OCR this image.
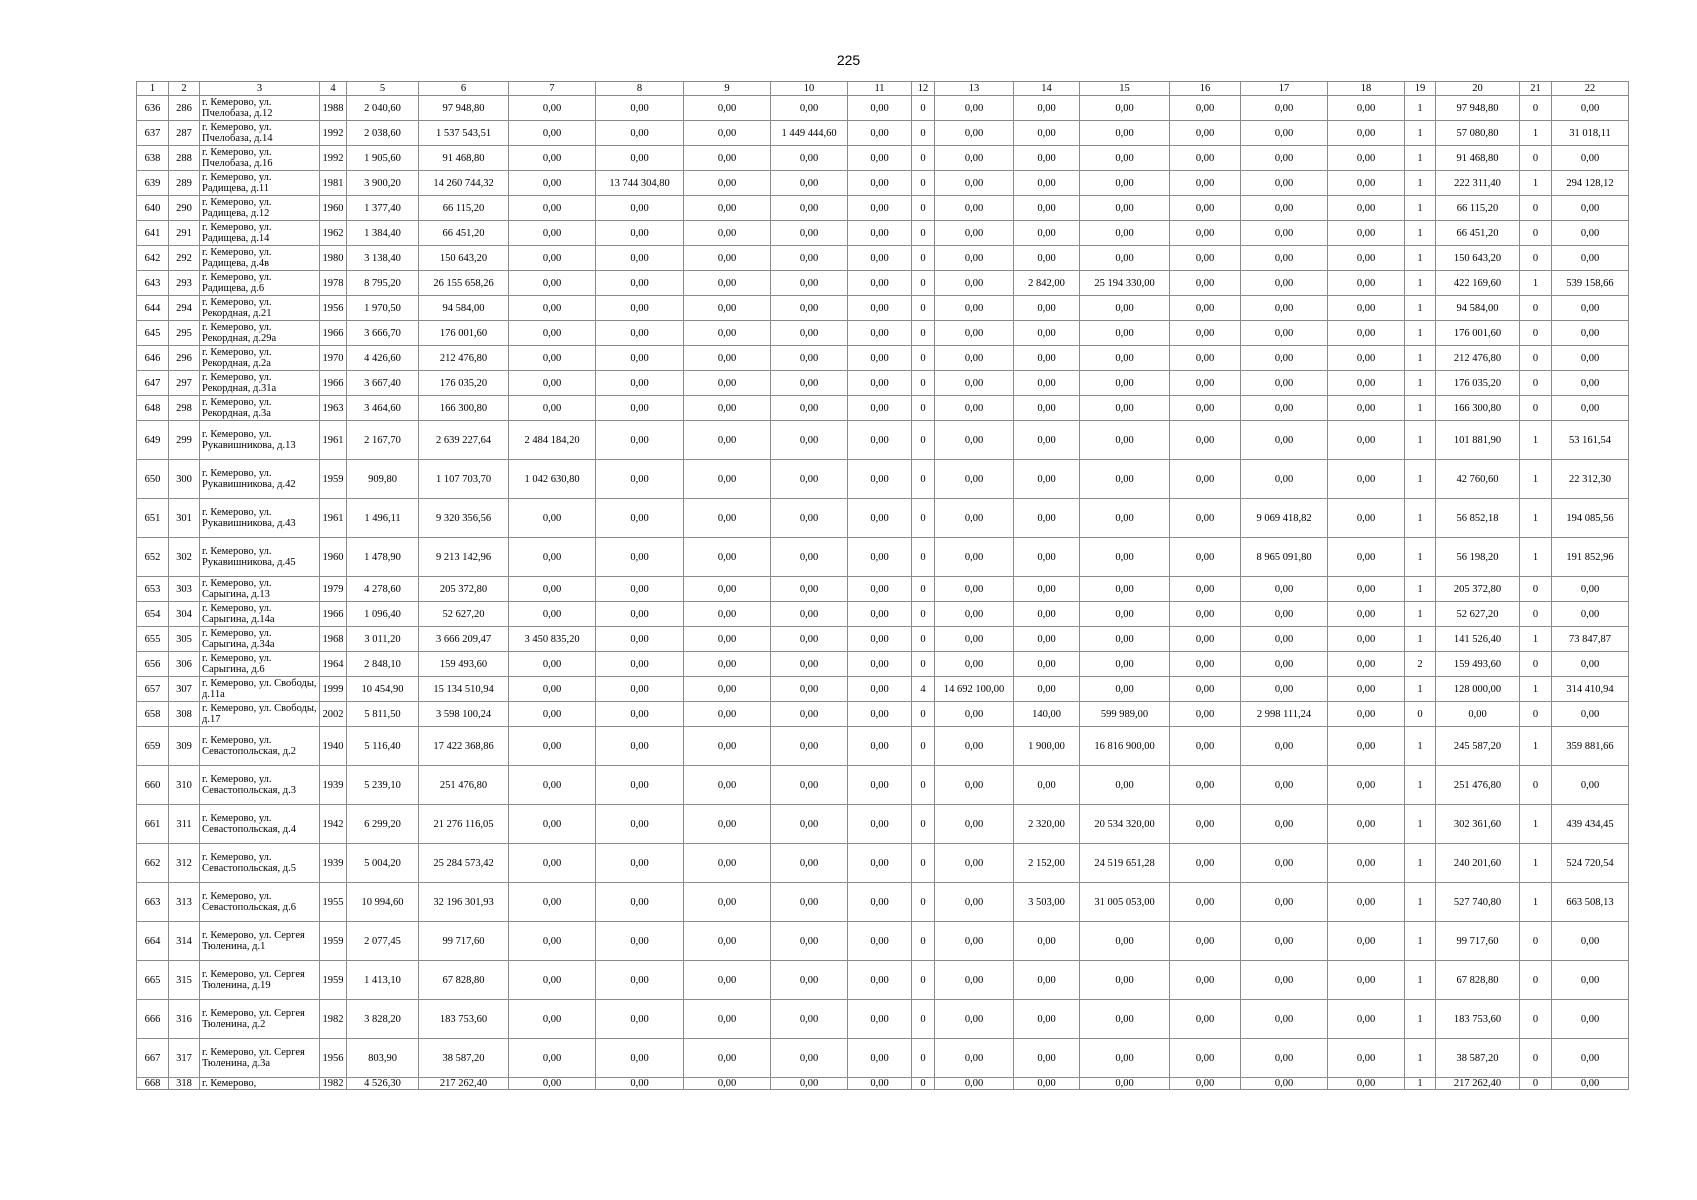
225
1	2	3	4	5	6	7	8	9	10	11	12	13	14	15	16	17	18	19	20	21	22
636	286	г. Кемерово, ул. Пчелобаза, д.12	1988	2 040,60	97 948,80	0,00	0,00	0,00	0,00	0,00	0	0,00	0,00	0,00	0,00	0,00	0,00	1	97 948,80	0	0,00
637	287	г. Кемерово, ул. Пчелобаза, д.14	1992	2 038,60	1 537 543,51	0,00	0,00	0,00	1 449 444,60	0,00	0	0,00	0,00	0,00	0,00	0,00	0,00	1	57 080,80	1	31 018,11
638	288	г. Кемерово, ул. Пчелобаза, д.16	1992	1 905,60	91 468,80	0,00	0,00	0,00	0,00	0,00	0	0,00	0,00	0,00	0,00	0,00	0,00	1	91 468,80	0	0,00
639	289	г. Кемерово, ул. Радищева, д.11	1981	3 900,20	14 260 744,32	0,00	13 744 304,80	0,00	0,00	0,00	0	0,00	0,00	0,00	0,00	0,00	0,00	1	222 311,40	1	294 128,12
640	290	г. Кемерово, ул. Радищева, д.12	1960	1 377,40	66 115,20	0,00	0,00	0,00	0,00	0,00	0	0,00	0,00	0,00	0,00	0,00	0,00	1	66 115,20	0	0,00
641	291	г. Кемерово, ул. Радищева, д.14	1962	1 384,40	66 451,20	0,00	0,00	0,00	0,00	0,00	0	0,00	0,00	0,00	0,00	0,00	0,00	1	66 451,20	0	0,00
642	292	г. Кемерово, ул. Радищева, д.4в	1980	3 138,40	150 643,20	0,00	0,00	0,00	0,00	0,00	0	0,00	0,00	0,00	0,00	0,00	0,00	1	150 643,20	0	0,00
643	293	г. Кемерово, ул. Радищева, д.6	1978	8 795,20	26 155 658,26	0,00	0,00	0,00	0,00	0,00	0	0,00	2 842,00	25 194 330,00	0,00	0,00	0,00	1	422 169,60	1	539 158,66
644	294	г. Кемерово, ул. Рекордная, д.21	1956	1 970,50	94 584,00	0,00	0,00	0,00	0,00	0,00	0	0,00	0,00	0,00	0,00	0,00	0,00	1	94 584,00	0	0,00
645	295	г. Кемерово, ул. Рекордная, д.29а	1966	3 666,70	176 001,60	0,00	0,00	0,00	0,00	0,00	0	0,00	0,00	0,00	0,00	0,00	0,00	1	176 001,60	0	0,00
646	296	г. Кемерово, ул. Рекордная, д.2а	1970	4 426,60	212 476,80	0,00	0,00	0,00	0,00	0,00	0	0,00	0,00	0,00	0,00	0,00	0,00	1	212 476,80	0	0,00
647	297	г. Кемерово, ул. Рекордная, д.31а	1966	3 667,40	176 035,20	0,00	0,00	0,00	0,00	0,00	0	0,00	0,00	0,00	0,00	0,00	0,00	1	176 035,20	0	0,00
648	298	г. Кемерово, ул. Рекордная, д.3а	1963	3 464,60	166 300,80	0,00	0,00	0,00	0,00	0,00	0	0,00	0,00	0,00	0,00	0,00	0,00	1	166 300,80	0	0,00
649	299	г. Кемерово, ул. Рукавишникова, д.13	1961	2 167,70	2 639 227,64	2 484 184,20	0,00	0,00	0,00	0,00	0	0,00	0,00	0,00	0,00	0,00	0,00	1	101 881,90	1	53 161,54
650	300	г. Кемерово, ул. Рукавишникова, д.42	1959	909,80	1 107 703,70	1 042 630,80	0,00	0,00	0,00	0,00	0	0,00	0,00	0,00	0,00	0,00	0,00	1	42 760,60	1	22 312,30
651	301	г. Кемерово, ул. Рукавишникова, д.43	1961	1 496,11	9 320 356,56	0,00	0,00	0,00	0,00	0,00	0	0,00	0,00	0,00	0,00	9 069 418,82	0,00	1	56 852,18	1	194 085,56
652	302	г. Кемерово, ул. Рукавишникова, д.45	1960	1 478,90	9 213 142,96	0,00	0,00	0,00	0,00	0,00	0	0,00	0,00	0,00	0,00	8 965 091,80	0,00	1	56 198,20	1	191 852,96
653	303	г. Кемерово, ул. Сарыгина, д.13	1979	4 278,60	205 372,80	0,00	0,00	0,00	0,00	0,00	0	0,00	0,00	0,00	0,00	0,00	0,00	1	205 372,80	0	0,00
654	304	г. Кемерово, ул. Сарыгина, д.14а	1966	1 096,40	52 627,20	0,00	0,00	0,00	0,00	0,00	0	0,00	0,00	0,00	0,00	0,00	0,00	1	52 627,20	0	0,00
655	305	г. Кемерово, ул. Сарыгина, д.34а	1968	3 011,20	3 666 209,47	3 450 835,20	0,00	0,00	0,00	0,00	0	0,00	0,00	0,00	0,00	0,00	0,00	1	141 526,40	1	73 847,87
656	306	г. Кемерово, ул. Сарыгина, д.6	1964	2 848,10	159 493,60	0,00	0,00	0,00	0,00	0,00	0	0,00	0,00	0,00	0,00	0,00	0,00	2	159 493,60	0	0,00
657	307	г. Кемерово, ул. Свободы, д.11а	1999	10 454,90	15 134 510,94	0,00	0,00	0,00	0,00	0,00	4	14 692 100,00	0,00	0,00	0,00	0,00	0,00	1	128 000,00	1	314 410,94
658	308	г. Кемерово, ул. Свободы, д.17	2002	5 811,50	3 598 100,24	0,00	0,00	0,00	0,00	0,00	0	0,00	140,00	599 989,00	0,00	2 998 111,24	0,00	0	0,00	0	0,00
659	309	г. Кемерово, ул. Севастопольская, д.2	1940	5 116,40	17 422 368,86	0,00	0,00	0,00	0,00	0,00	0	0,00	1 900,00	16 816 900,00	0,00	0,00	0,00	1	245 587,20	1	359 881,66
660	310	г. Кемерово, ул. Севастопольская, д.3	1939	5 239,10	251 476,80	0,00	0,00	0,00	0,00	0,00	0	0,00	0,00	0,00	0,00	0,00	0,00	1	251 476,80	0	0,00
661	311	г. Кемерово, ул. Севастопольская, д.4	1942	6 299,20	21 276 116,05	0,00	0,00	0,00	0,00	0,00	0	0,00	2 320,00	20 534 320,00	0,00	0,00	0,00	1	302 361,60	1	439 434,45
662	312	г. Кемерово, ул. Севастопольская, д.5	1939	5 004,20	25 284 573,42	0,00	0,00	0,00	0,00	0,00	0	0,00	2 152,00	24 519 651,28	0,00	0,00	0,00	1	240 201,60	1	524 720,54
663	313	г. Кемерово, ул. Севастопольская, д.6	1955	10 994,60	32 196 301,93	0,00	0,00	0,00	0,00	0,00	0	0,00	3 503,00	31 005 053,00	0,00	0,00	0,00	1	527 740,80	1	663 508,13
664	314	г. Кемерово, ул. Сергея Тюленина, д.1	1959	2 077,45	99 717,60	0,00	0,00	0,00	0,00	0,00	0	0,00	0,00	0,00	0,00	0,00	0,00	1	99 717,60	0	0,00
665	315	г. Кемерово, ул. Сергея Тюленина, д.19	1959	1 413,10	67 828,80	0,00	0,00	0,00	0,00	0,00	0	0,00	0,00	0,00	0,00	0,00	0,00	1	67 828,80	0	0,00
666	316	г. Кемерово, ул. Сергея Тюленина, д.2	1982	3 828,20	183 753,60	0,00	0,00	0,00	0,00	0,00	0	0,00	0,00	0,00	0,00	0,00	0,00	1	183 753,60	0	0,00
667	317	г. Кемерово, ул. Сергея Тюленина, д.3а	1956	803,90	38 587,20	0,00	0,00	0,00	0,00	0,00	0	0,00	0,00	0,00	0,00	0,00	0,00	1	38 587,20	0	0,00
668	318	г. Кемерово,	1982	4 526,30	217 262,40	0,00	0,00	0,00	0,00	0,00	0	0,00	0,00	0,00	0,00	0,00	0,00	1	217 262,40	0	0,00
